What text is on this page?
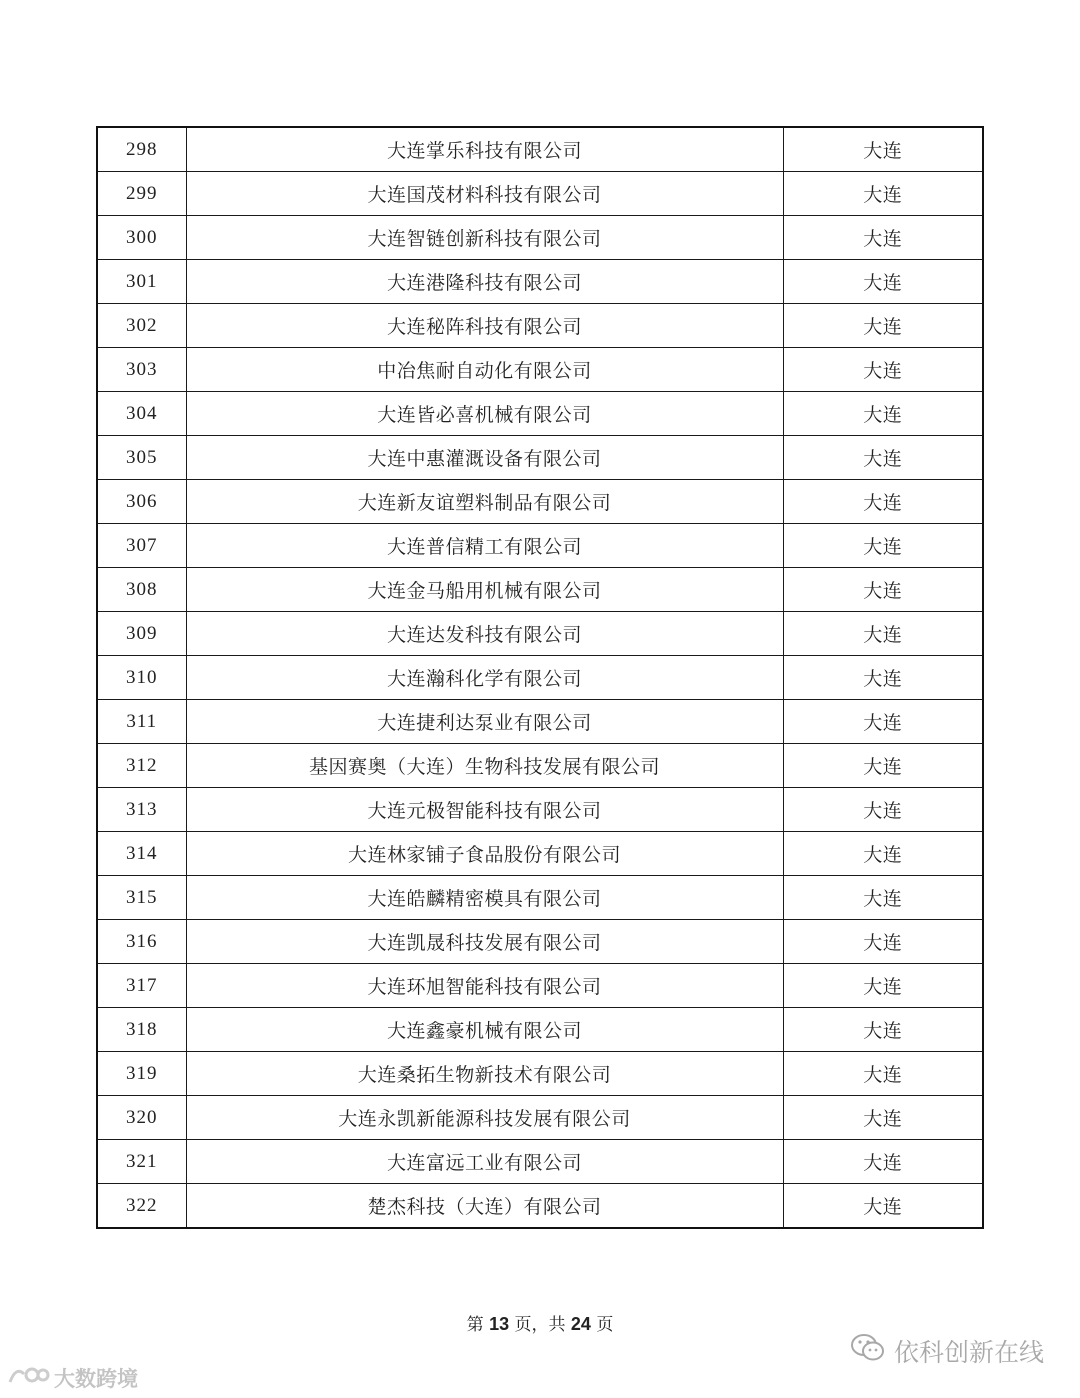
298	大连掌乐科技有限公司	大连
299	大连国茂材料科技有限公司	大连
300	大连智链创新科技有限公司	大连
301	大连港隆科技有限公司	大连
302	大连秘阵科技有限公司	大连
303	中冶焦耐自动化有限公司	大连
304	大连皆必喜机械有限公司	大连
305	大连中惠灌溉设备有限公司	大连
306	大连新友谊塑料制品有限公司	大连
307	大连普信精工有限公司	大连
308	大连金马船用机械有限公司	大连
309	大连达发科技有限公司	大连
310	大连瀚科化学有限公司	大连
311	大连捷利达泵业有限公司	大连
312	基因赛奥（大连）生物科技发展有限公司	大连
313	大连元极智能科技有限公司	大连
314	大连林家铺子食品股份有限公司	大连
315	大连皓麟精密模具有限公司	大连
316	大连凯晟科技发展有限公司	大连
317	大连环旭智能科技有限公司	大连
318	大连鑫豪机械有限公司	大连
319	大连桑拓生物新技术有限公司	大连
320	大连永凯新能源科技发展有限公司	大连
321	大连富远工业有限公司	大连
322	楚杰科技（大连）有限公司	大连
第 13 页，共 24 页
依科创新在线
大数跨境
